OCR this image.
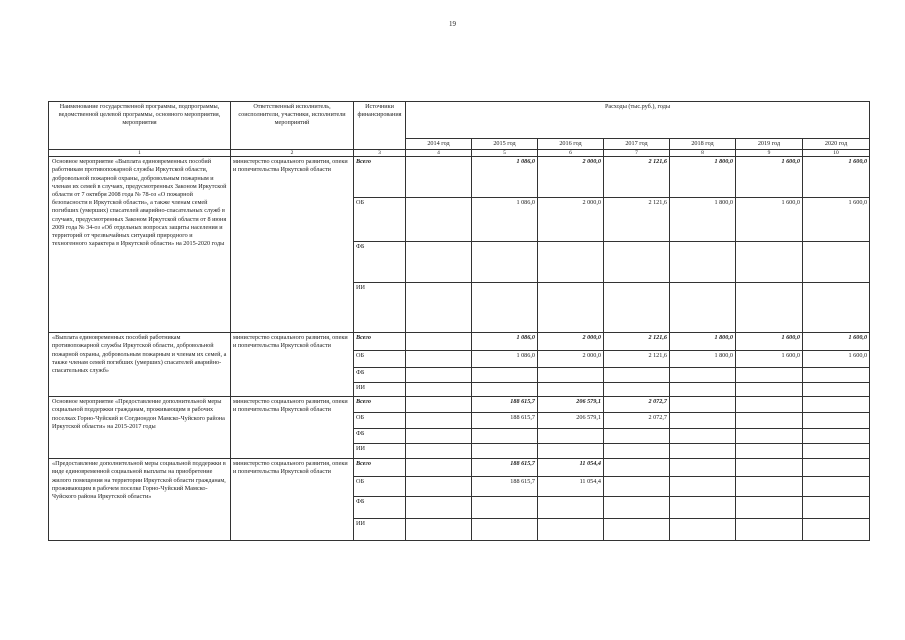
19
Наименование государственной программы, подпрограммы, ведомственной целевой программы, основного мероприятия, мероприятия	Ответственный исполнитель, соисполнители, участники, исполнители мероприятий	Источники финансирования	Расходы (тыс.руб.), годы						
			2014 год	2015 год	2016 год	2017 год	2018 год	2019 год	2020 год
1	2	3	4	5	6	7	8	9	10
Основное мероприятие «Выплата единовременных пособий работникам противопожарной службы Иркутской области, добровольной пожарной охраны, добровольным пожарным и членам их семей в случаях, предусмотренных Законом Иркутской области от 7 октября 2008 года № 78-оз «О пожарной безопасности в Иркутской области», а также членам семей погибших (умерших) спасателей аварийно-спасательных служб в случаях, предусмотренных Законом Иркутской области от 8 июня 2009 года № 34-оз «Об отдельных вопросах защиты населения и территорий от чрезвычайных ситуаций природного и техногенного характера в Иркутской области» на 2015-2020 годы	министерство социального развития, опеки и попечительства Иркутской области	Всего		1 086,0	2 000,0	2 121,6	1 800,0	1 600,0	1 600,0
		ОБ		1 086,0	2 000,0	2 121,6	1 800,0	1 600,0	1 600,0
		ФБ							
		ИИ							
«Выплата единовременных пособий работникам противопожарной службы Иркутской области, добровольной пожарной охраны, добровольным пожарным и членам их семей, а также членам семей погибших (умерших) спасателей аварийно-спасательных служб»	министерство социального развития, опеки и попечительства Иркутской области	Всего		1 086,0	2 000,0	2 121,6	1 800,0	1 600,0	1 600,0
		ОБ		1 086,0	2 000,0	2 121,6	1 800,0	1 600,0	1 600,0
		ФБ							
		ИИ							
Основное мероприятие «Предоставление дополнительной меры социальной поддержки гражданам, проживающим в рабочих поселках Горно-Чуйский и Согдиондон Мамско-Чуйского района Иркутской области» на 2015-2017 годы	министерство социального развития, опеки и попечительства Иркутской области	Всего		188 615,7	206 579,1	2 072,7			
		ОБ		188 615,7	206 579,1	2 072,7			
		ФБ							
		ИИ							
«Предоставление дополнительной меры социальной поддержки в виде единовременной социальной выплаты на приобретение жилого помещения на территории Иркутской области гражданам, проживающим в рабочем поселке Горно-Чуйский Мамско-Чуйского района Иркутской области»	министерство социального развития, опеки и попечительства Иркутской области	Всего		188 615,7	11 054,4				
		ОБ		188 615,7	11 054,4				
		ФБ							
		ИИ							
